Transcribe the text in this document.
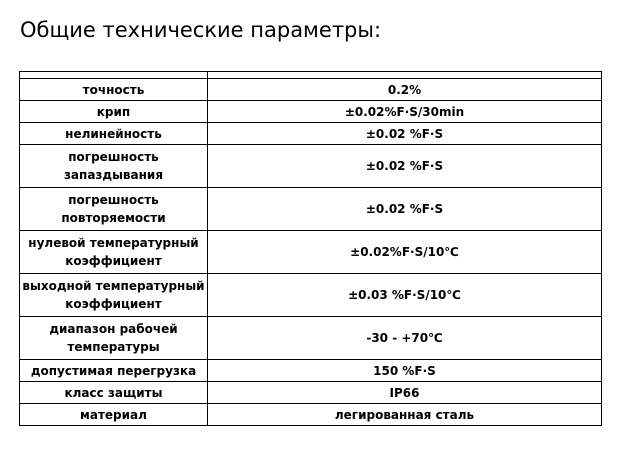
Общие технические параметры:

точность	0.2%

крип	±0.02%F·S/30min

нелинейность	±0.02 %F·S

погрешность
запаздывания	±0.02 %F·S

погрешность
повторяемости	±0.02 %F·S

нулевой температурный
коэффициент	±0.02%F·S/10℃

выходной температурный
коэффициент	±0.03 %F·S/10℃

диапазон рабочей
температуры	-30 - +70℃

допустимая перегрузка	150 %F·S

класс защиты	IP66

материал	легированная сталь
